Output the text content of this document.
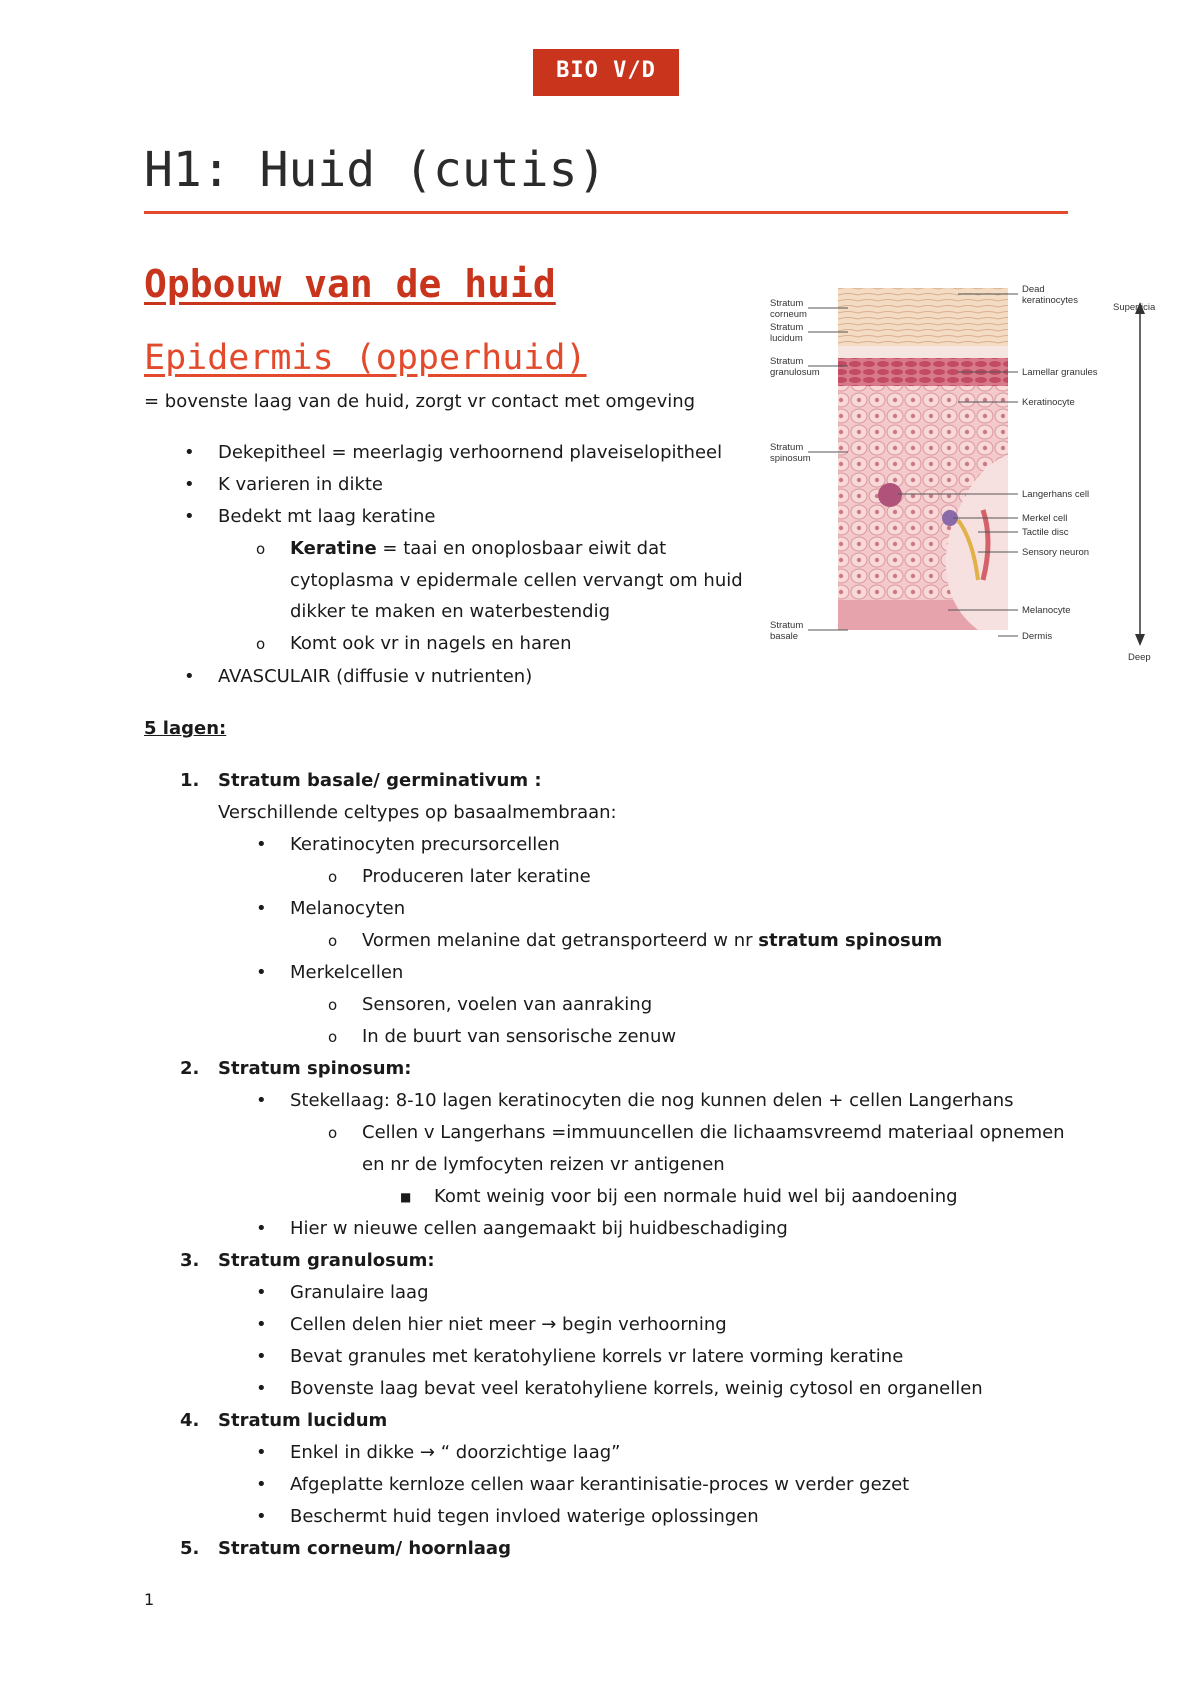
BIO V/D
MENS
H1: Huid (cutis)
Opbouw van de huid
Epidermis (opperhuid)
= bovenste laag van de huid, zorgt vr contact met omgeving
• Dekepitheel = meerlagig verhoornend plaveiselopitheel
• K varieren in dikte
• Bedekt mt laag keratine
o Keratine = taai en onoplosbaar eiwit dat
cytoplasma v epidermale cellen vervangt om huid
dikker te maken en waterbestendig
o Komt ook vr in nagels en haren
• AVASCULAIR (diffusie v nutrienten)
5 lagen:
1. Stratum basale/ germinativum :
Verschillende celtypes op basaalmembraan:
• Keratinocyten precursorcellen
o Produceren later keratine
• Melanocyten
o Vormen melanine dat getransporteerd w nr stratum spinosum
• Merkelcellen
o Sensoren, voelen van aanraking
o In de buurt van sensorische zenuw
2. Stratum spinosum:
• Stekellaag: 8-10 lagen keratinocyten die nog kunnen delen + cellen Langerhans
o Cellen v Langerhans =immuuncellen die lichaamsvreemd materiaal opnemen
en nr de lymfocyten reizen vr antigenen
■ Komt weinig voor bij een normale huid wel bij aandoening
• Hier w nieuwe cellen aangemaakt bij huidbeschadiging
3. Stratum granulosum:
• Granulaire laag
• Cellen delen hier niet meer → begin verhoorning
• Bevat granules met keratohyliene korrels vr latere vorming keratine
• Bovenste laag bevat veel keratohyliene korrels, weinig cytosol en organellen
4. Stratum lucidum
• Enkel in dikke → “ doorzichtige laag”
• Afgeplatte kernloze cellen waar kerantinisatie-proces w verder gezet
• Beschermt huid tegen invloed waterige oplossingen
5. Stratum corneum/ hoornlaag
Stratum
corneum
Stratum
lucidum
Stratum
granulosum
Stratum
spinosum
Stratum
basale
Dead
keratinocytes
Lamellar granules
Keratinocyte
Langerhans cell
Merkel cell
Tactile disc
Sensory neuron
Melanocyte
Dermis
Superficia
Deep
1
